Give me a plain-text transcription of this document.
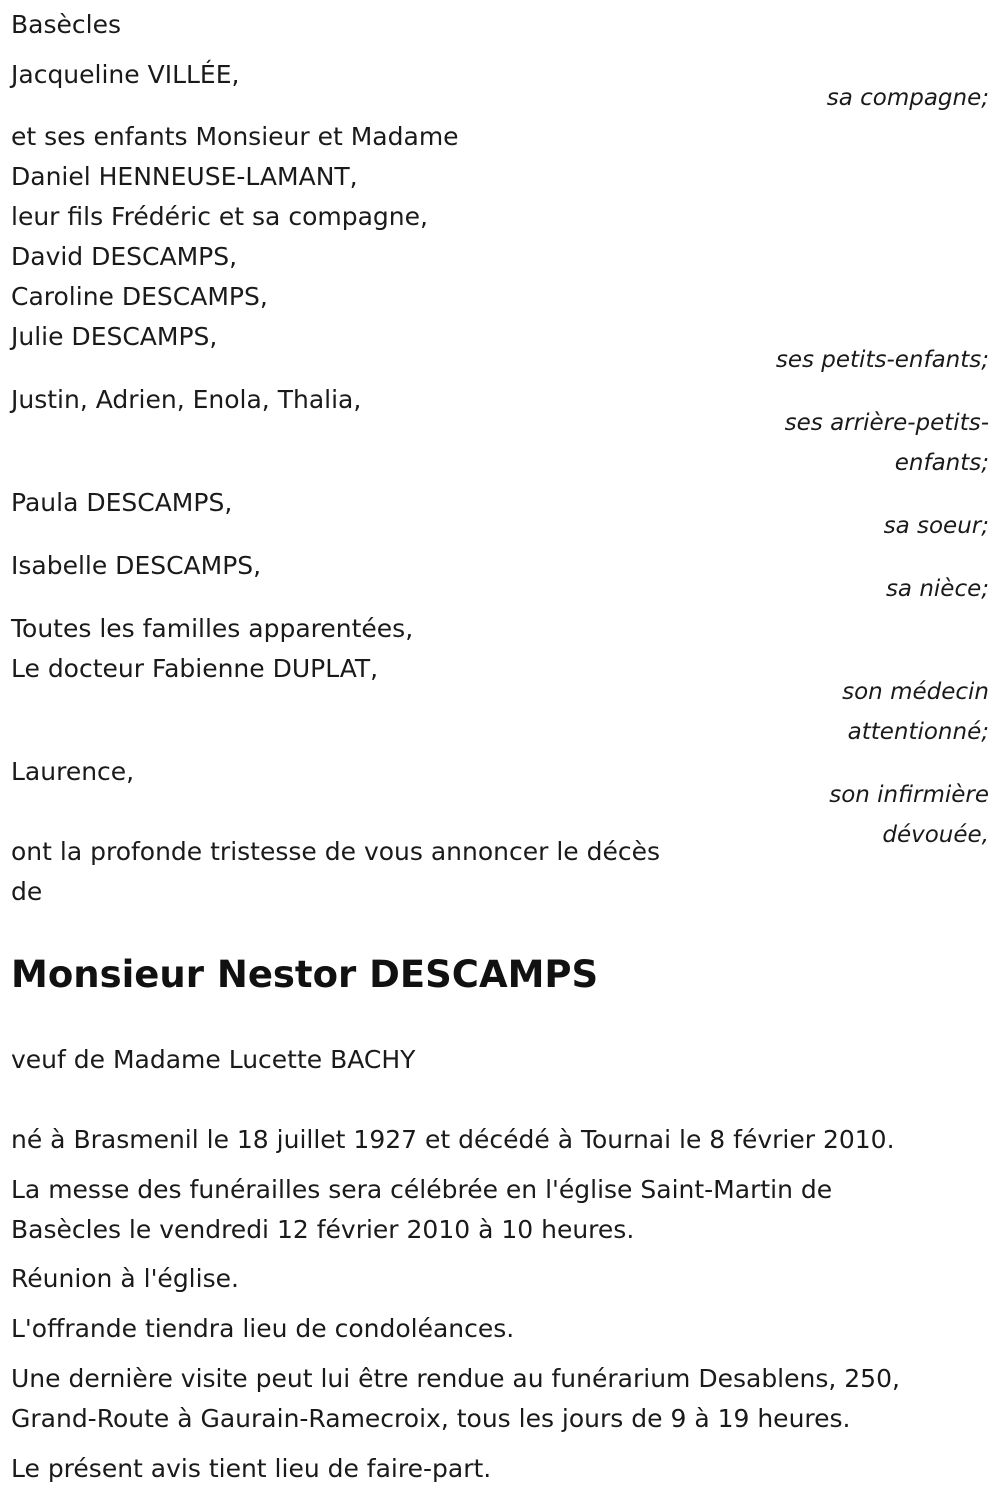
Basècles
Jacqueline VILLÉE,
sa compagne;
et ses enfants Monsieur et Madame
Daniel HENNEUSE-LAMANT,
leur fils Frédéric et sa compagne,
David DESCAMPS,
Caroline DESCAMPS,
Julie DESCAMPS,
ses petits-enfants;
Justin, Adrien, Enola, Thalia,
ses arrière-petits-
enfants;
Paula DESCAMPS,
sa soeur;
Isabelle DESCAMPS,
sa nièce;
Toutes les familles apparentées,
Le docteur Fabienne DUPLAT,
son médecin
attentionné;
Laurence,
son infirmière
dévouée,
ont la profonde tristesse de vous annoncer le décès
de
Monsieur Nestor DESCAMPS
veuf de Madame Lucette BACHY
né à Brasmenil le 18 juillet 1927 et décédé à Tournai le 8 février 2010.
La messe des funérailles sera célébrée en l'église Saint-Martin de
Basècles le vendredi 12 février 2010 à 10 heures.
Réunion à l'église.
L'offrande tiendra lieu de condoléances.
Une dernière visite peut lui être rendue au funérarium Desablens, 250,
Grand-Route à Gaurain-Ramecroix, tous les jours de 9 à 19 heures.
Le présent avis tient lieu de faire-part.
